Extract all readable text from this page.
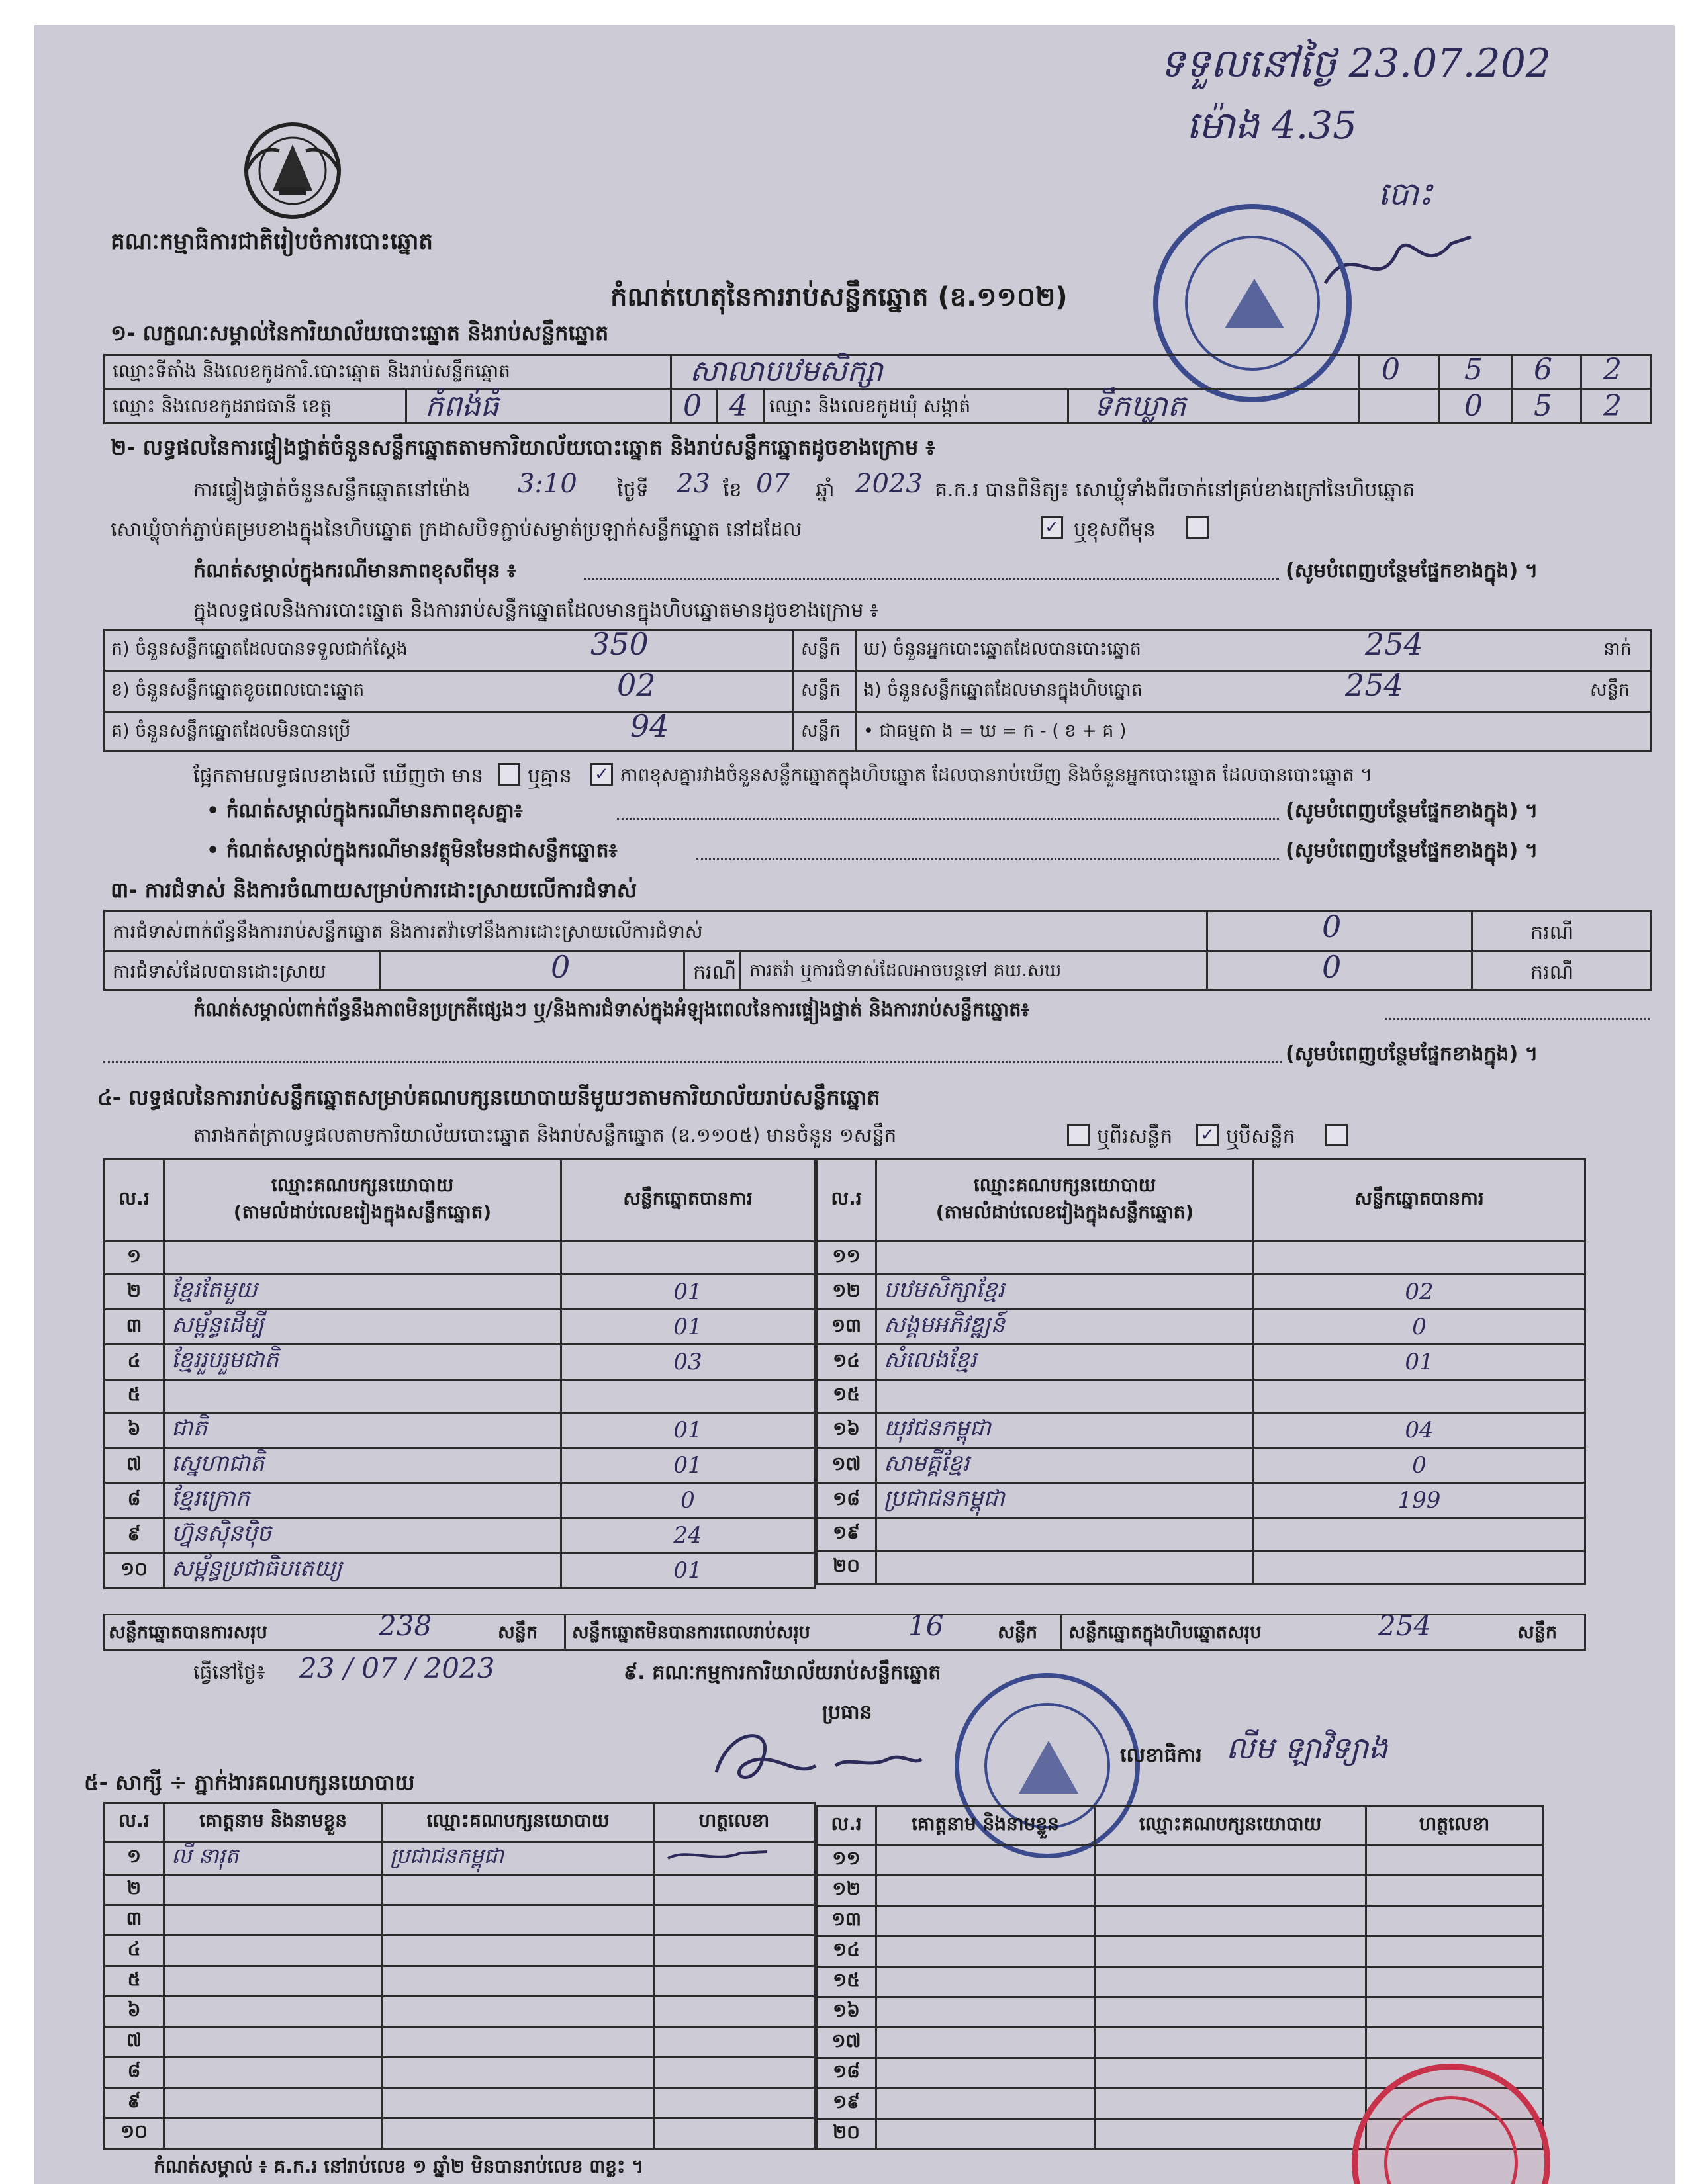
ទទួលនៅថ្ងៃ 23.07.202
ម៉ោង 4.35
បោះ
គណៈកម្មាធិការជាតិរៀបចំការបោះឆ្នោត
កំណត់ហេតុនៃការរាប់សន្លឹកឆ្នោត (ឧ.១១០២)
១- លក្ខណៈសម្គាល់នៃការិយាល័យបោះឆ្នោត និងរាប់សន្លឹកឆ្នោត
ឈ្មោះទីតាំង និងលេខកូដការិ.បោះឆ្នោត និងរាប់សន្លឹកឆ្នោត	សាលាបឋមសិក្សា	0 5 6 2
ឈ្មោះ និងលេខកូដរាជធានី ខេត្ត	កំពង់ធំ	0 4 ឈ្មោះ និងលេខកូដឃុំ សង្កាត់	ទឹកឃ្លាត	0 5 2
២- លទ្ធផលនៃការផ្ទៀងផ្ទាត់ចំនួនសន្លឹកឆ្នោតតាមការិយាល័យបោះឆ្នោត និងរាប់សន្លឹកឆ្នោតដូចខាងក្រោម ៖
ការផ្ទៀងផ្ទាត់ចំនួនសន្លឹកឆ្នោតនៅម៉ោង 3:10 ថ្ងៃទី 23 ខែ 07 ឆ្នាំ 2023 គ.ក.រ បានពិនិត្យ៖ សោឃ្លុំទាំងពីរចាក់នៅគ្រប់ខាងក្រៅនៃហិបឆ្នោត
សោឃ្លុំចាក់ភ្ជាប់គម្របខាងក្នុងនៃហិបឆ្នោត ក្រដាសបិទភ្ជាប់សម្ងាត់ប្រឡាក់សន្លឹកឆ្នោត នៅដដែល	✓ ឬខុសពីមុន
កំណត់សម្គាល់ក្នុងករណីមានភាពខុសពីមុន ៖	(សូមបំពេញបន្ថែមផ្នែកខាងក្នុង) ។
ក្នុងលទ្ធផលនិងការបោះឆ្នោត និងការរាប់សន្លឹកឆ្នោតដែលមានក្នុងហិបឆ្នោតមានដូចខាងក្រោម ៖
ក) ចំនួនសន្លឹកឆ្នោតដែលបានទទួលជាក់ស្តែង	350	សន្លឹក
ខ) ចំនួនសន្លឹកឆ្នោតខូចពេលបោះឆ្នោត	02	សន្លឹក
គ) ចំនួនសន្លឹកឆ្នោតដែលមិនបានប្រើ	94	សន្លឹក
ឃ) ចំនួនអ្នកបោះឆ្នោតដែលបានបោះឆ្នោត	254	នាក់
ង) ចំនួនសន្លឹកឆ្នោតដែលមានក្នុងហិបឆ្នោត	254	សន្លឹក
• ជាធម្មតា ង = ឃ = ក - ( ខ + គ )
ផ្អែកតាមលទ្ធផលខាងលើ ឃើញថា មាន ឬគ្មាន ✓ ភាពខុសគ្នារវាងចំនួនសន្លឹកឆ្នោតក្នុងហិបឆ្នោត ដែលបានរាប់ឃើញ និងចំនួនអ្នកបោះឆ្នោត ដែលបានបោះឆ្នោត ។
• កំណត់សម្គាល់ក្នុងករណីមានភាពខុសគ្នា៖	(សូមបំពេញបន្ថែមផ្នែកខាងក្នុង) ។
• កំណត់សម្គាល់ក្នុងករណីមានវត្ថុមិនមែនជាសន្លឹកឆ្នោត៖	(សូមបំពេញបន្ថែមផ្នែកខាងក្នុង) ។
៣- ការជំទាស់ និងការចំណាយសម្រាប់ការដោះស្រាយលើការជំទាស់
ការជំទាស់ពាក់ព័ន្ធនឹងការរាប់សន្លឹកឆ្នោត និងការតវ៉ាទៅនឹងការដោះស្រាយលើការជំទាស់	0	ករណី
ការជំទាស់ដែលបានដោះស្រាយ	0	ករណី ការតវ៉ា ឬការជំទាស់ដែលអាចបន្តទៅ គឃ.សឃ	0	ករណី
កំណត់សម្គាល់ពាក់ព័ន្ធនឹងភាពមិនប្រក្រតីផ្សេងៗ ឬ/និងការជំទាស់ក្នុងអំឡុងពេលនៃការផ្ទៀងផ្ទាត់ និងការរាប់សន្លឹកឆ្នោត៖
(សូមបំពេញបន្ថែមផ្នែកខាងក្នុង) ។
៤- លទ្ធផលនៃការរាប់សន្លឹកឆ្នោតសម្រាប់គណបក្សនយោបាយនីមួយៗតាមការិយាល័យរាប់សន្លឹកឆ្នោត
តារាងកត់ត្រាលទ្ធផលតាមការិយាល័យបោះឆ្នោត និងរាប់សន្លឹកឆ្នោត (ឧ.១១០៥) មានចំនួន ១សន្លឹក	ឬពីរសន្លឹក ✓ ឬបីសន្លឹក
ល.រ	ឈ្មោះគណបក្សនយោបាយ
(តាមលំដាប់លេខរៀងក្នុងសន្លឹកឆ្នោត)	សន្លឹកឆ្នោតបានការ
១		
២	ខ្មែរតែមួយ	01
៣	សម្ព័ន្ធដើម្បី	01
៤	ខ្មែររួបរួមជាតិ	03
៥		
៦	ជាតិ	01
៧	ស្នេហាជាតិ	01
៨	ខ្មែរក្រោក	0
៩	ហ្វ៊ុនស៊ិនប៉ិច	24
១០	សម្ព័ន្ធប្រជាធិបតេយ្យ	01
ល.រ	ឈ្មោះគណបក្សនយោបាយ
(តាមលំដាប់លេខរៀងក្នុងសន្លឹកឆ្នោត)	សន្លឹកឆ្នោតបានការ
១១		
១២	បឋមសិក្សាខ្មែរ	02
១៣	សង្គមអភិវឌ្ឍន៍	0
១៤	សំលេងខ្មែរ	01
១៥		
១៦	យុវជនកម្ពុជា	04
១៧	សាមគ្គីខ្មែរ	0
១៨	ប្រជាជនកម្ពុជា	199
១៩		
២០		
សន្លឹកឆ្នោតបានការសរុប	238	សន្លឹក សន្លឹកឆ្នោតមិនបានការពេលរាប់សរុប	16	សន្លឹក សន្លឹកឆ្នោតក្នុងហិបឆ្នោតសរុប	254	សន្លឹក
ធ្វើនៅថ្ងៃ៖ 23 / 07 / 2023	៩. គណៈកម្មការការិយាល័យរាប់សន្លឹកឆ្នោត
ប្រធាន
លេខាធិការ លីម ឡាវិទ្យាង
៥- សាក្សី ÷ ភ្នាក់ងារគណបក្សនយោបាយ
ល.រ	គោត្តនាម និងនាមខ្លួន	ឈ្មោះគណបក្សនយោបាយ	ហត្ថលេខា
១	លី នារុត	ប្រជាជនកម្ពុជា	
២			
៣			
៤			
៥			
៦			
៧			
៨			
៩			
១០			
ល.រ	គោត្តនាម និងនាមខ្លួន	ឈ្មោះគណបក្សនយោបាយ	ហត្ថលេខា
១១			
១២			
១៣			
១៤			
១៥			
១៦			
១៧			
១៨			
១៩			
២០			
កំណត់សម្គាល់ ៖ គ.ក.រ នៅរាប់លេខ ១ ឆ្នាំ២ មិនបានរាប់លេខ ៣ខ្លះ ។
